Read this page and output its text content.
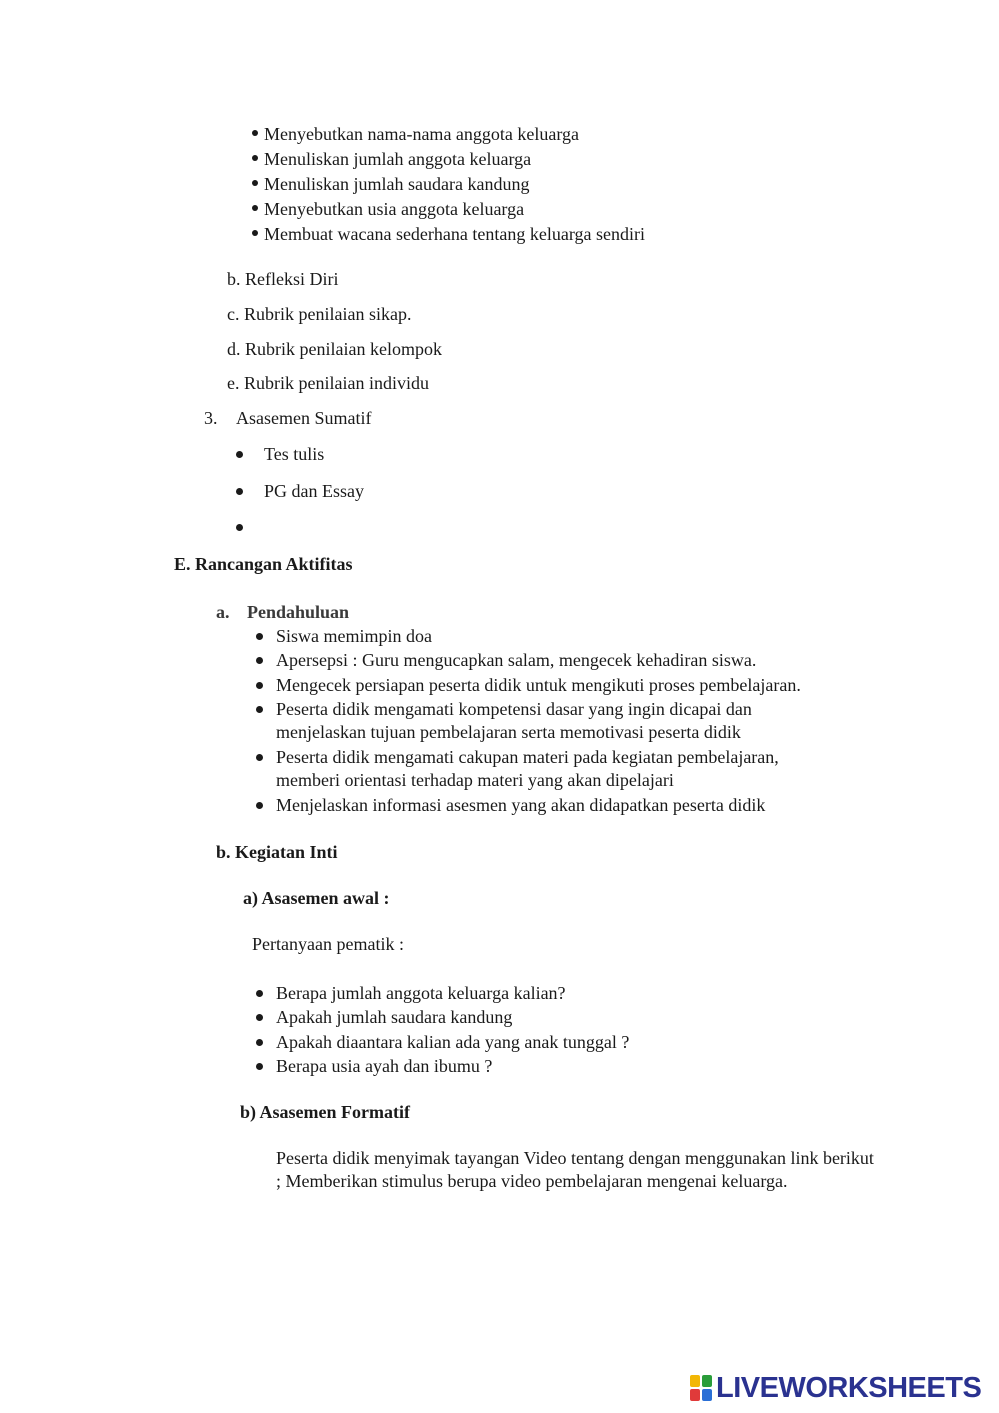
Menyebutkan nama-nama anggota keluarga
Menuliskan jumlah anggota keluarga
Menuliskan jumlah saudara kandung
Menyebutkan usia anggota keluarga
Membuat wacana sederhana tentang keluarga sendiri
b. Refleksi Diri
c. Rubrik penilaian sikap.
d. Rubrik penilaian kelompok
e. Rubrik penilaian individu
3. Asasemen Sumatif
Tes tulis
PG dan Essay
E. Rancangan Aktifitas
a. Pendahuluan
Siswa memimpin doa
Apersepsi : Guru mengucapkan salam, mengecek kehadiran siswa.
Mengecek persiapan peserta didik untuk mengikuti proses pembelajaran.
Peserta didik mengamati kompetensi dasar yang ingin dicapai dan
menjelaskan tujuan pembelajaran serta memotivasi peserta didik
Peserta didik mengamati cakupan materi pada kegiatan pembelajaran,
memberi orientasi terhadap materi yang akan dipelajari
Menjelaskan informasi asesmen yang akan didapatkan peserta didik
b. Kegiatan Inti
a) Asasemen awal :
Pertanyaan pematik :
Berapa jumlah anggota keluarga kalian?
Apakah jumlah saudara kandung
Apakah diaantara kalian ada yang anak tunggal ?
Berapa usia ayah dan ibumu ?
b) Asasemen Formatif
Peserta didik menyimak tayangan Video tentang dengan menggunakan link berikut ; Memberikan stimulus berupa video pembelajaran mengenai keluarga.
LIVEWORKSHEETS
